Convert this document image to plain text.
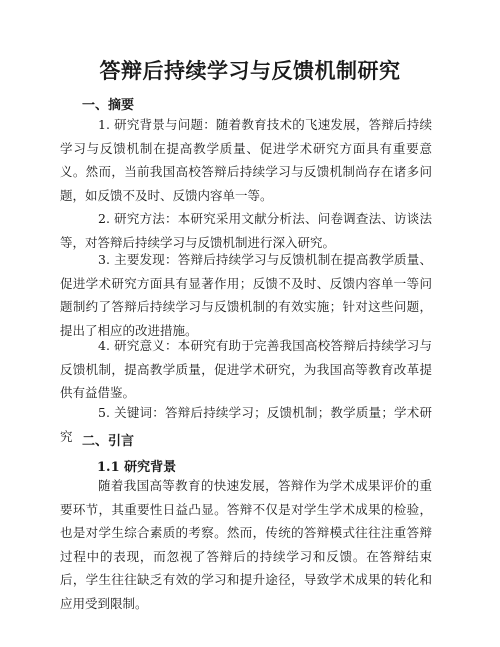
答辩后持续学习与反馈机制研究
一、摘要

1. 研究背景与问题：随着教育技术的飞速发展，答辩后持续学习与反馈机制在提高教学质量、促进学术研究方面具有重要意义。然而，当前我国高校答辩后持续学习与反馈机制尚存在诸多问题，如反馈不及时、反馈内容单一等。

2. 研究方法：本研究采用文献分析法、问卷调查法、访谈法等，对答辩后持续学习与反馈机制进行深入研究。

3. 主要发现：答辩后持续学习与反馈机制在提高教学质量、促进学术研究方面具有显著作用；反馈不及时、反馈内容单一等问题制约了答辩后持续学习与反馈机制的有效实施；针对这些问题，提出了相应的改进措施。

4. 研究意义：本研究有助于完善我国高校答辩后持续学习与反馈机制，提高教学质量，促进学术研究，为我国高等教育改革提供有益借鉴。

5. 关键词：答辩后持续学习；反馈机制；教学质量；学术研究 二、引言
1.1 研究背景

随着我国高等教育的快速发展，答辩作为学术成果评价的重要环节，其重要性日益凸显。答辩不仅是对学生学术成果的检验，也是对学生综合素质的考察。然而，传统的答辩模式往往注重答辩过程中的表现，而忽视了答辩后的持续学习和反馈。在答辩结束后，学生往往缺乏有效的学习和提升途径，导致学术成果的转化和应用受到限制。
